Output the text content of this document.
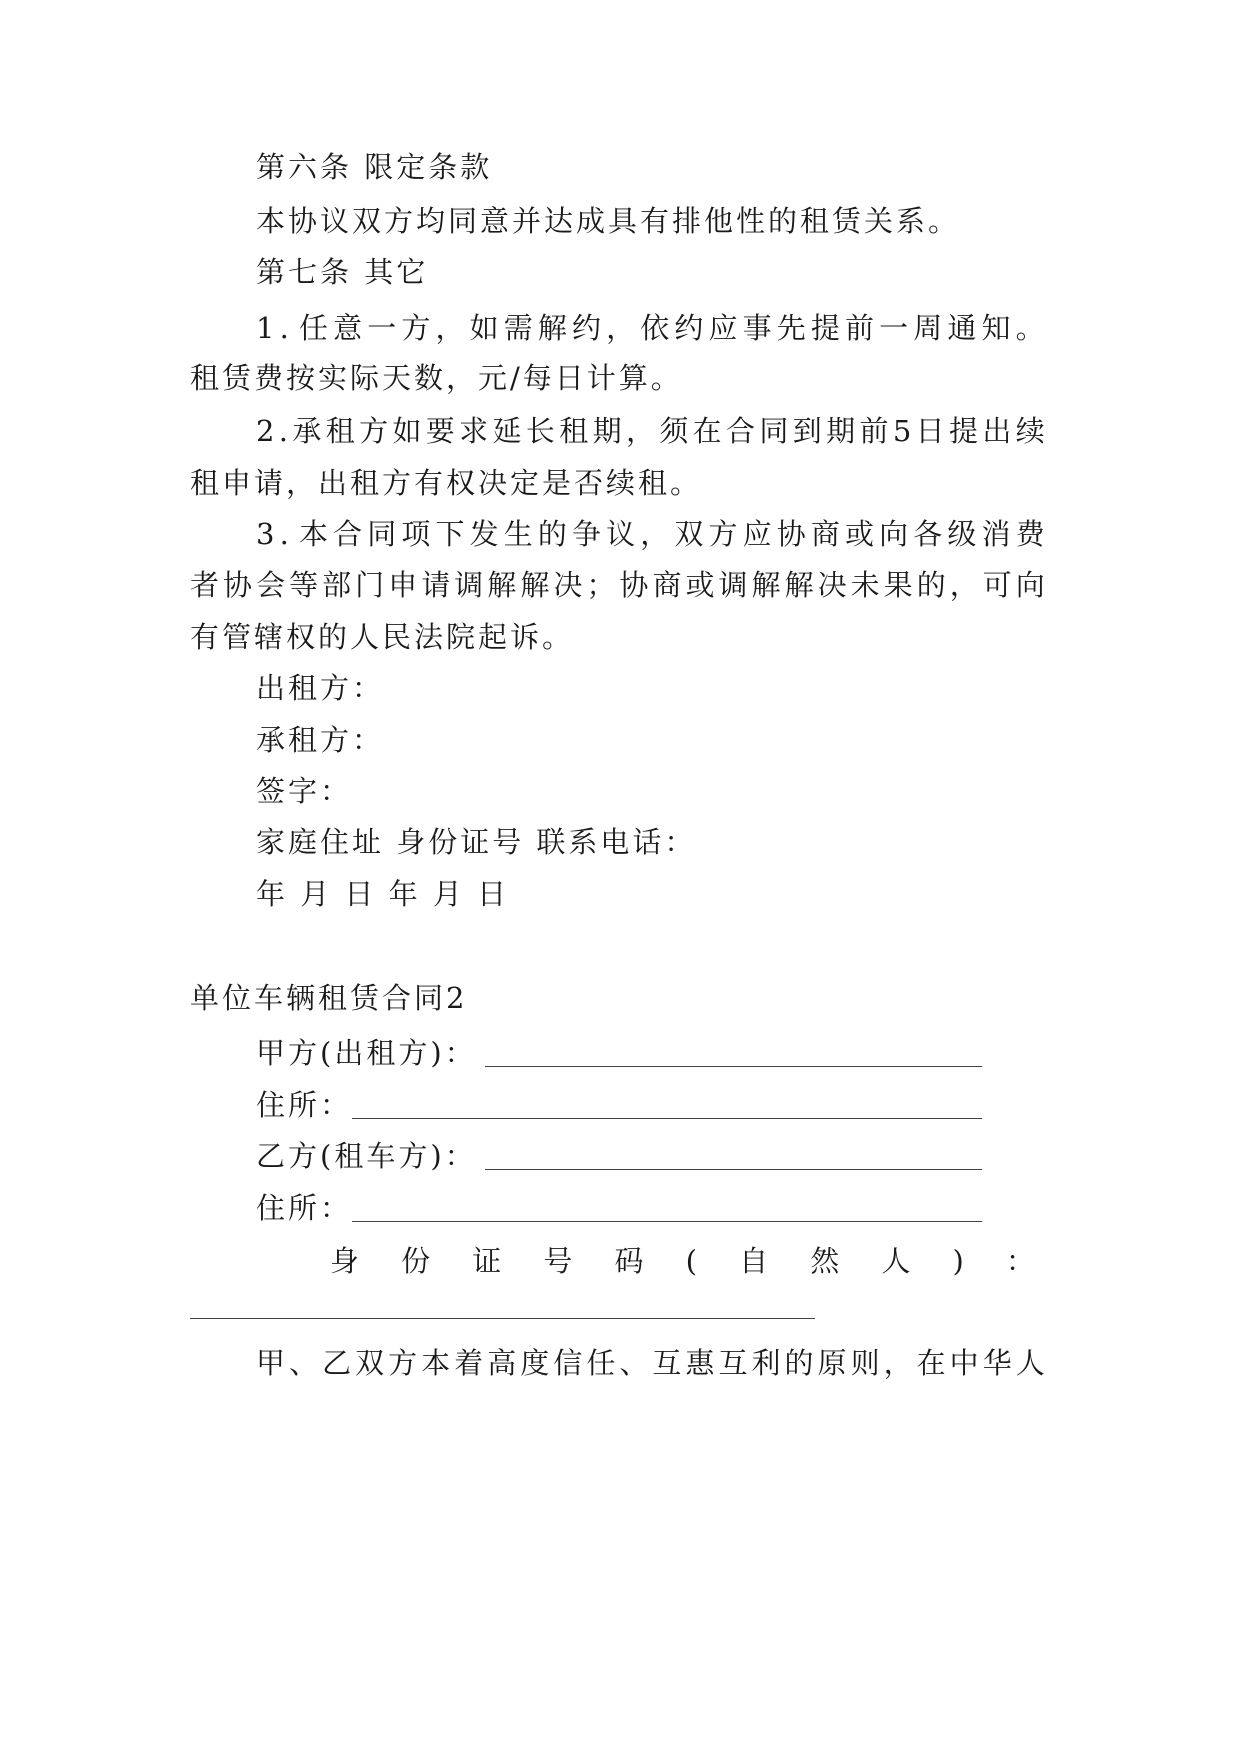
第六条 限定条款
本协议双方均同意并达成具有排他性的租赁关系。
第七条 其它
1 . 任 意 一 方 ， 如 需 解 约 ， 依 约 应 事 先 提 前 一 周 通 知 。
租赁费按实际天数，元/每日计算。
2 . 承 租 方 如 要 求 延 长 租 期 ， 须 在 合 同 到 期 前 5 日 提 出 续
租申请，出租方有权决定是否续租。
3 . 本 合 同 项 下 发 生 的 争 议 ， 双 方 应 协 商 或 向 各 级 消 费
者 协 会 等 部 门 申 请 调 解 解 决 ； 协 商 或 调 解 解 决 未 果 的 ， 可 向
有管辖权的人民法院起诉。
出租方：
承租方：
签字：
家庭住址 身份证号 联系电话：
年 月 日 年 月 日
单位车辆租赁合同2
甲方(出租方)：
住所：
乙方(租车方)：
住所：
身 份 证 号 码 ( 自 然 人 ) ：
甲 、 乙 双 方 本 着 高 度 信 任 、 互 惠 互 利 的 原 则 ， 在 中 华 人
